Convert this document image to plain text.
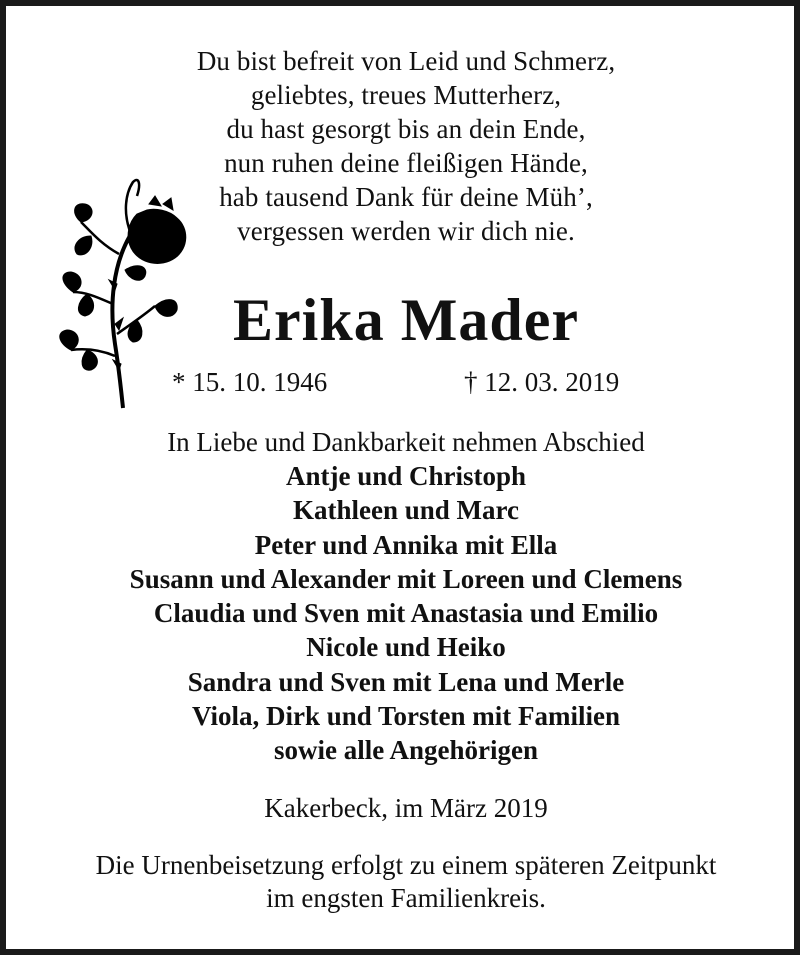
Du bist befreit von Leid und Schmerz,
geliebtes, treues Mutterherz,
du hast gesorgt bis an dein Ende,
nun ruhen deine fleißigen Hände,
hab tausend Dank für deine Müh’,
vergessen werden wir dich nie.
Erika Mader
* 15. 10. 1946	† 12. 03. 2019
In Liebe und Dankbarkeit nehmen Abschied
Antje und Christoph
Kathleen und Marc
Peter und Annika mit Ella
Susann und Alexander mit Loreen und Clemens
Claudia und Sven mit Anastasia und Emilio
Nicole und Heiko
Sandra und Sven mit Lena und Merle
Viola, Dirk und Torsten mit Familien
sowie alle Angehörigen
Kakerbeck, im März 2019
Die Urnenbeisetzung erfolgt zu einem späteren Zeitpunkt
im engsten Familienkreis.
